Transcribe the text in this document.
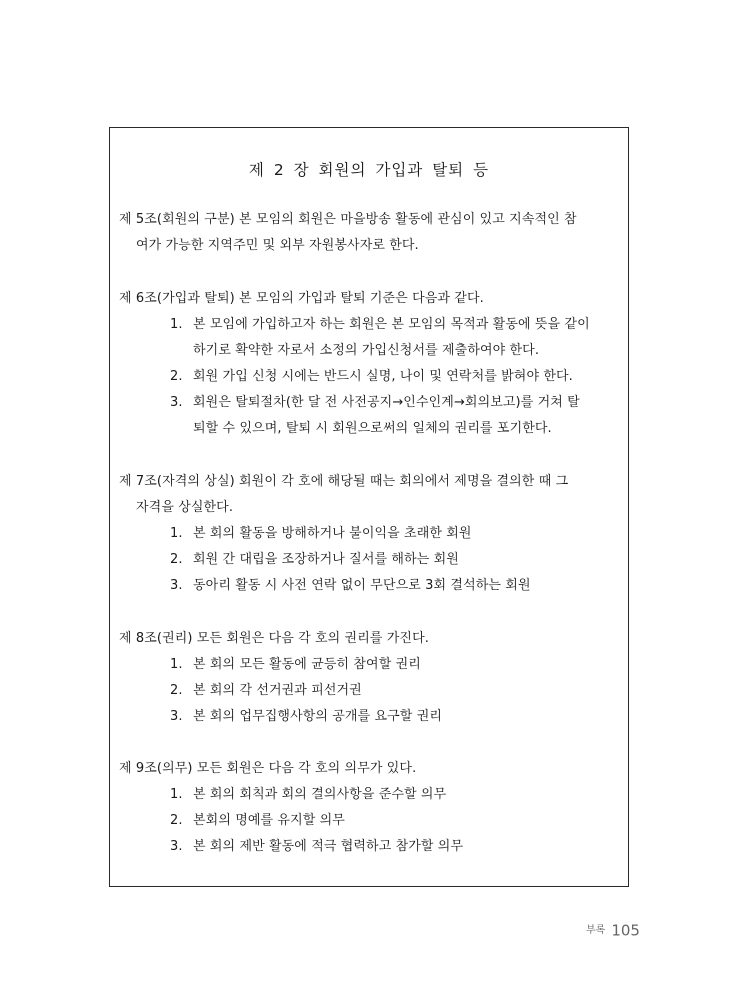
제 2 장 회원의 가입과 탈퇴 등
제 5조(회원의 구분) 본 모임의 회원은 마을방송 활동에 관심이 있고 지속적인 참
여가 가능한 지역주민 및 외부 자원봉사자로 한다.
제 6조(가입과 탈퇴) 본 모임의 가입과 탈퇴 기준은 다음과 같다.
1. 본 모임에 가입하고자 하는 회원은 본 모임의 목적과 활동에 뜻을 같이
하기로 확약한 자로서 소정의 가입신청서를 제출하여야 한다.
2. 회원 가입 신청 시에는 반드시 실명, 나이 및 연락처를 밝혀야 한다.
3. 회원은 탈퇴절차(한 달 전 사전공지→인수인계→회의보고)를 거쳐 탈
퇴할 수 있으며, 탈퇴 시 회원으로써의 일체의 권리를 포기한다.
제 7조(자격의 상실) 회원이 각 호에 해당될 때는 회의에서 제명을 결의한 때 그
자격을 상실한다.
1. 본 회의 활동을 방해하거나 불이익을 초래한 회원
2. 회원 간 대립을 조장하거나 질서를 해하는 회원
3. 동아리 활동 시 사전 연락 없이 무단으로 3회 결석하는 회원
제 8조(권리) 모든 회원은 다음 각 호의 권리를 가진다.
1. 본 회의 모든 활동에 균등히 참여할 권리
2. 본 회의 각 선거권과 피선거권
3. 본 회의 업무집행사항의 공개를 요구할 권리
제 9조(의무) 모든 회원은 다음 각 호의 의무가 있다.
1. 본 회의 회칙과 회의 결의사항을 준수할 의무
2. 본회의 명예를 유지할 의무
3. 본 회의 제반 활동에 적극 협력하고 참가할 의무
부록 105
